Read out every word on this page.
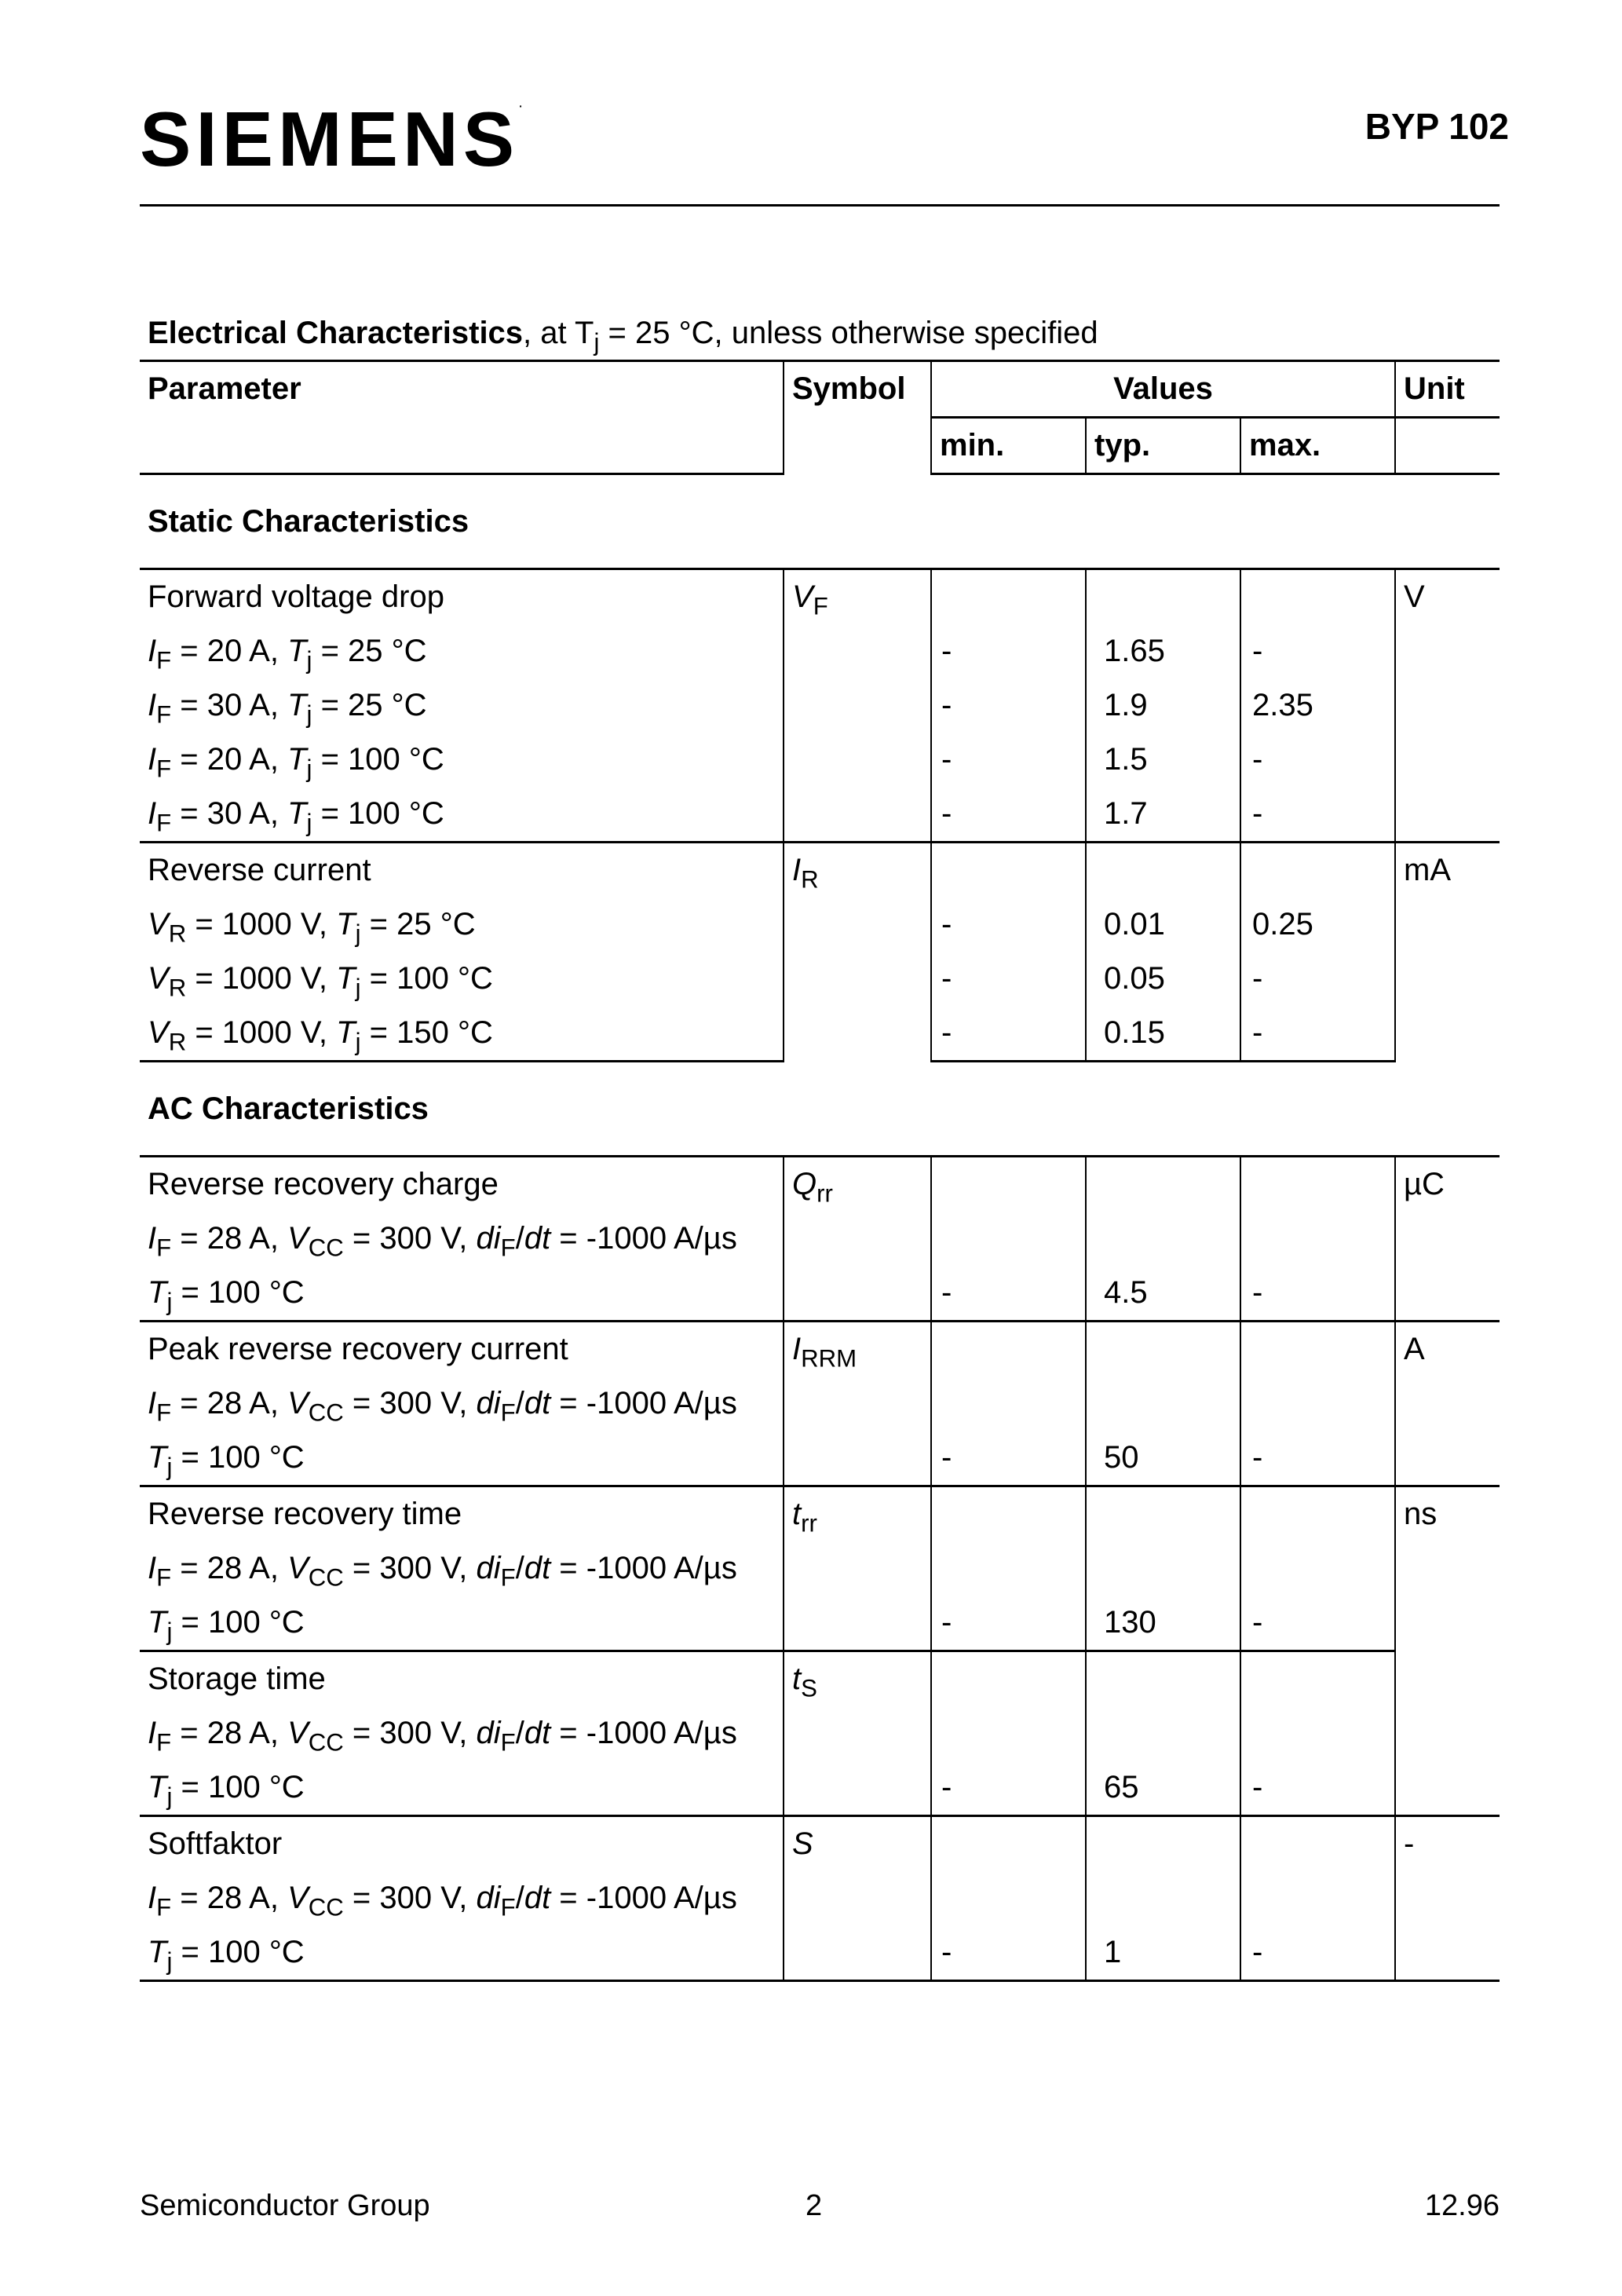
SIEMENS·	BYP 102
Electrical Characteristics, at $T_j = 25$ °C, unless otherwise specified
Parameter	Symbol	Values			Unit
		min.	typ.	max.	
Static Characteristics					
Forward voltage drop	$V_F$				V
$I_F = 20$ A, $T_j = 25$ °C		-	1.65	-	
$I_F = 30$ A, $T_j = 25$ °C		-	1.9	2.35	
$I_F = 20$ A, $T_j = 100$ °C		-	1.5	-	
$I_F = 30$ A, $T_j = 100$ °C		-	1.7	-	
Reverse current	$I_R$				mA
$V_R = 1000$ V, $T_j = 25$ °C		-	0.01	0.25	
$V_R = 1000$ V, $T_j = 100$ °C		-	0.05	-	
$V_R = 1000$ V, $T_j = 150$ °C		-	0.15	-	
AC Characteristics					
Reverse recovery charge	$Q_{rr}$				µC
$I_F = 28$ A, $V_{CC} = 300$ V, $di_F/dt = -1000$ A/µs					
$T_j = 100$ °C		-	4.5	-	
Peak reverse recovery current	$I_{RRM}$				A
$I_F = 28$ A, $V_{CC} = 300$ V, $di_F/dt = -1000$ A/µs					
$T_j = 100$ °C		-	50	-	
Reverse recovery time	$t_{rr}$				ns
$I_F = 28$ A, $V_{CC} = 300$ V, $di_F/dt = -1000$ A/µs					
$T_j = 100$ °C		-	130	-	
Storage time	$t_S$			
$I_F = 28$ A, $V_{CC} = 300$ V, $di_F/dt = -1000$ A/µs					
$T_j = 100$ °C		-	65	-	
Softfaktor	S				-
$I_F = 28$ A, $V_{CC} = 300$ V, $di_F/dt = -1000$ A/µs					
$T_j = 100$ °C		-	1	-	
Semiconductor Group	2	12.96
